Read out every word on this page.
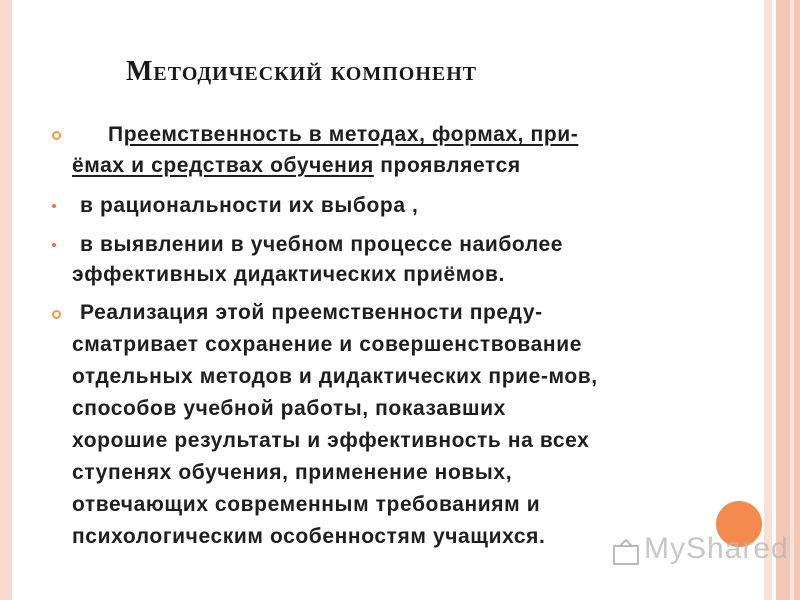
Методический компонент
Преемственность в методах, формах, при-
ёмах и средствах обучения проявляется
в рациональности их выбора ,
в выявлении в учебном процессе наиболее
эффективных дидактических приёмов.
Реализация этой преемственности преду-
сматривает сохранение и совершенствование
отдельных методов и дидактических прие-мов,
способов учебной работы, показавших
хорошие результаты и эффективность на всех
ступенях обучения, применение новых,
отвечающих современным требованиям и
психологическим особенностям учащихся.	MyShared
